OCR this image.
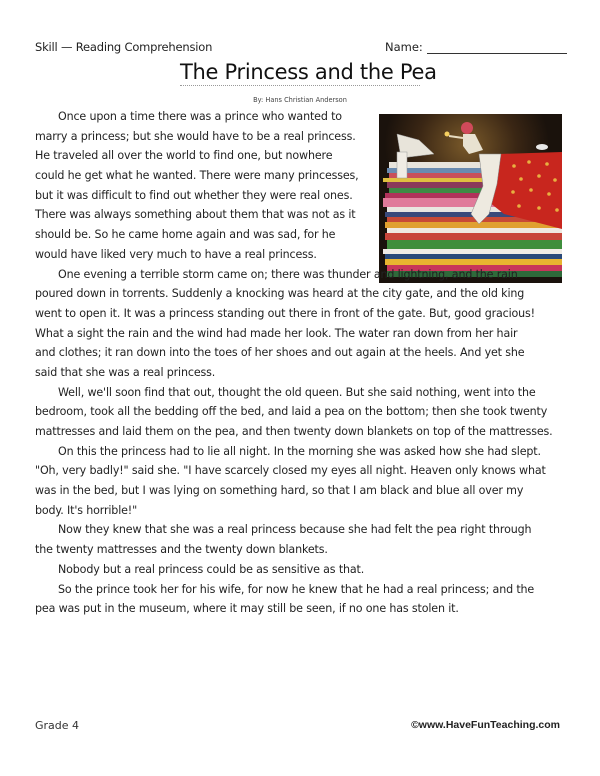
Skill — Reading Comprehension	Name:
The Princess and the Pea
By: Hans Christian Anderson
Once upon a time there was a prince who wanted to
marry a princess; but she would have to be a real princess.
He traveled all over the world to find one, but nowhere
could he get what he wanted. There were many princesses,
but it was difficult to find out whether they were real ones.
There was always something about them that was not as it
should be. So he came home again and was sad, for he
would have liked very much to have a real princess.
One evening a terrible storm came on; there was thunder and lightning, and the rain
poured down in torrents. Suddenly a knocking was heard at the city gate, and the old king
went to open it. It was a princess standing out there in front of the gate. But, good gracious!
What a sight the rain and the wind had made her look. The water ran down from her hair
and clothes; it ran down into the toes of her shoes and out again at the heels. And yet she
said that she was a real princess.
Well, we'll soon find that out, thought the old queen. But she said nothing, went into the
bedroom, took all the bedding off the bed, and laid a pea on the bottom; then she took twenty
mattresses and laid them on the pea, and then twenty down blankets on top of the mattresses.
On this the princess had to lie all night. In the morning she was asked how she had slept.
"Oh, very badly!" said she. "I have scarcely closed my eyes all night. Heaven only knows what
was in the bed, but I was lying on something hard, so that I am black and blue all over my
body. It's horrible!"
Now they knew that she was a real princess because she had felt the pea right through
the twenty mattresses and the twenty down blankets.
Nobody but a real princess could be as sensitive as that.
So the prince took her for his wife, for now he knew that he had a real princess; and the
pea was put in the museum, where it may still be seen, if no one has stolen it.
Grade 4	©www.HaveFunTeaching.com
